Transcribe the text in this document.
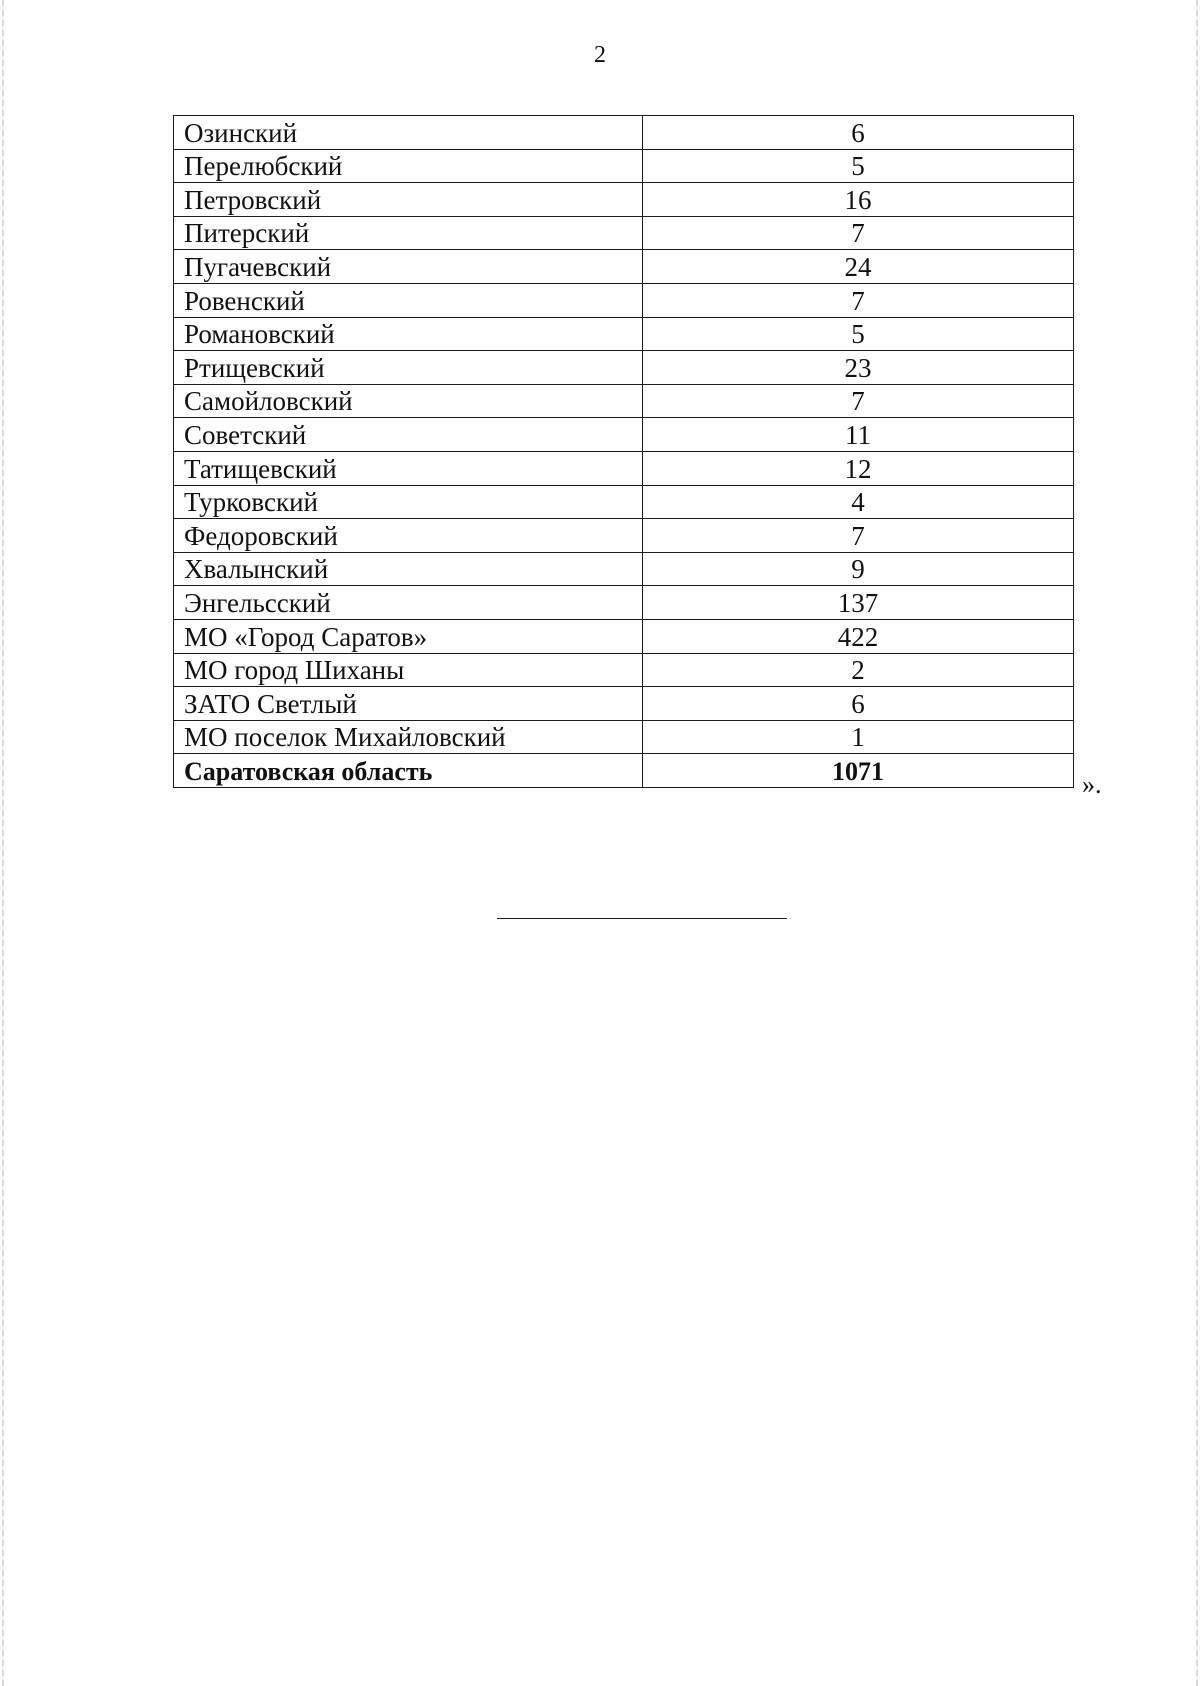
2
Озинский	6
Перелюбский	5
Петровский	16
Питерский	7
Пугачевский	24
Ровенский	7
Романовский	5
Ртищевский	23
Самойловский	7
Советский	11
Татищевский	12
Турковский	4
Федоровский	7
Хвалынский	9
Энгельсский	137
МО «Город Саратов»	422
МО город Шиханы	2
ЗАТО Светлый	6
МО поселок Михайловский	1
Саратовская область	1071	».
